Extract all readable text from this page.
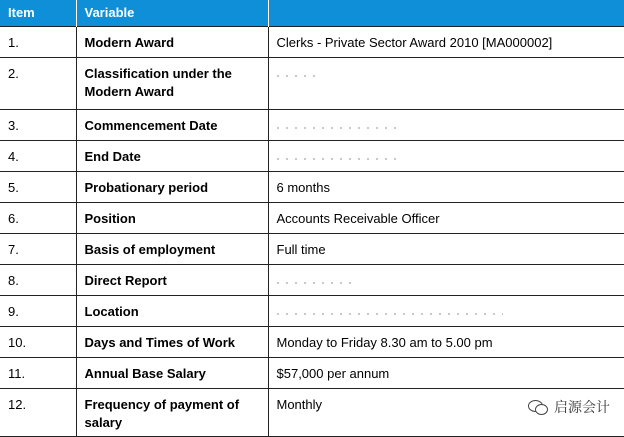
Item	Variable	
1.	Modern Award	Clerks - Private Sector Award 2010 [MA000002]
2.	Classification under the Modern Award	
3.	Commencement Date	
4.	End Date	
5.	Probationary period	6 months
6.	Position	Accounts Receivable Officer
7.	Basis of employment	Full time
8.	Direct Report	
9.	Location	
10.	Days and Times of Work	Monday to Friday 8.30 am to 5.00 pm
11.	Annual Base Salary	$57,000 per annum
12.	Frequency of payment of salary	Monthly	启源会计
